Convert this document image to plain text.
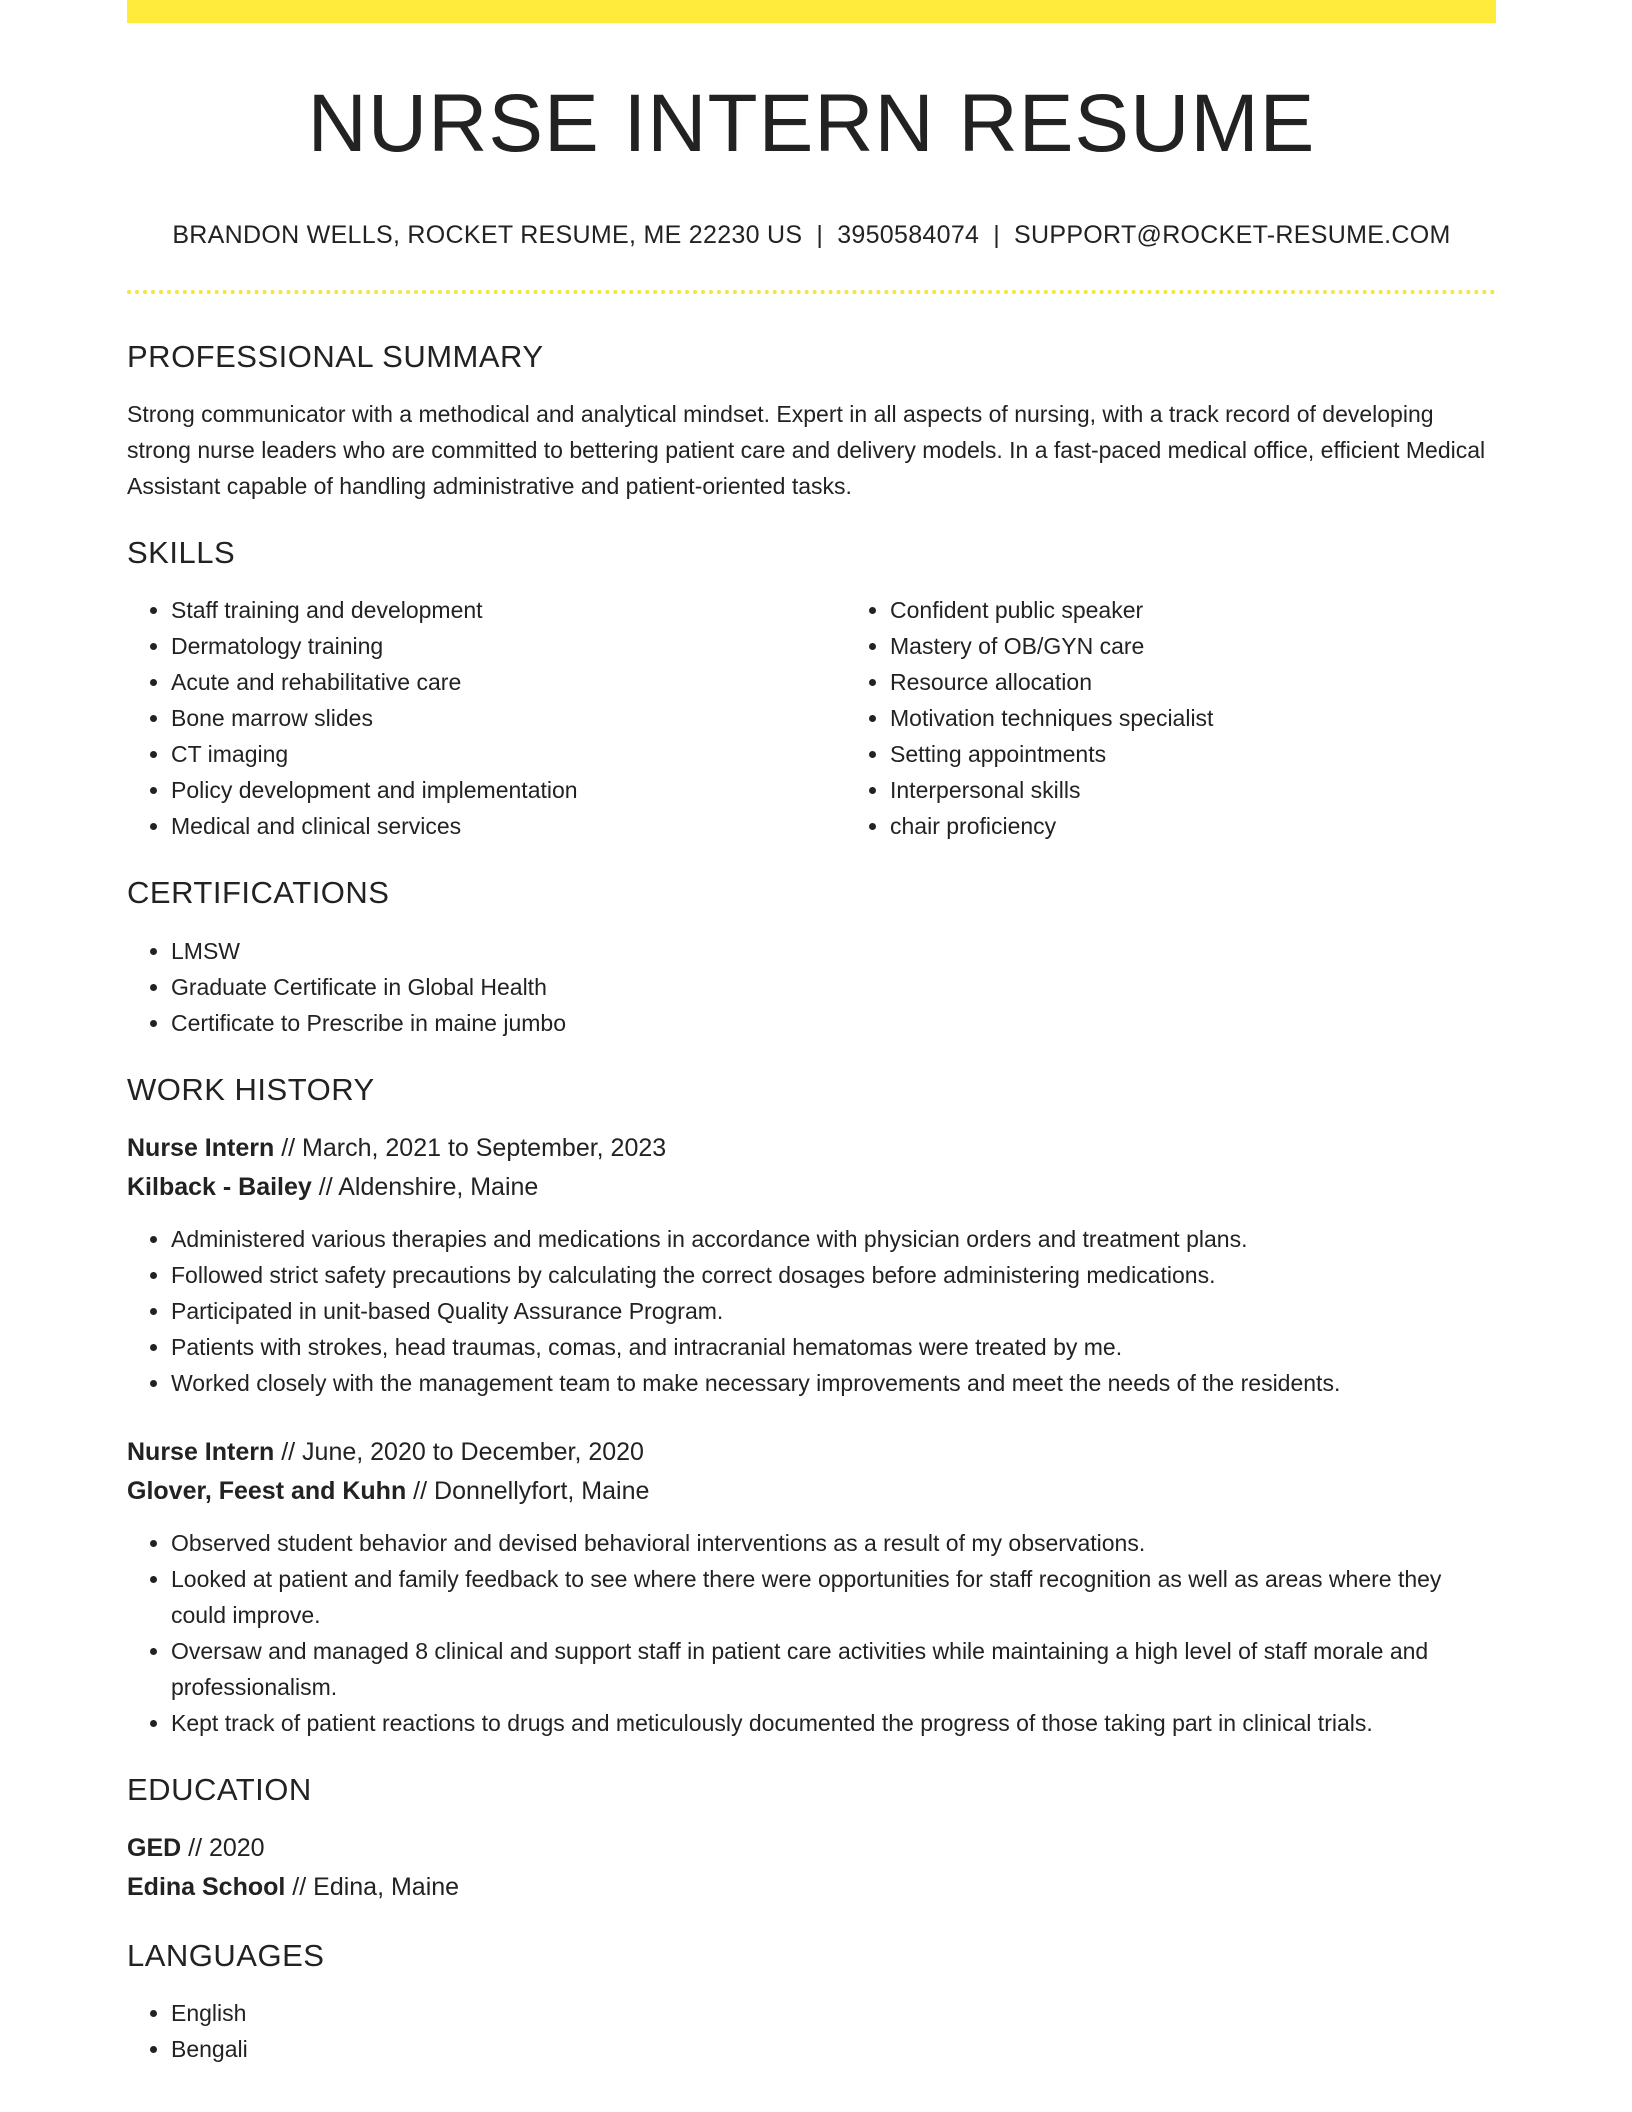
NURSE INTERN RESUME
BRANDON WELLS, ROCKET RESUME, ME 22230 US | 3950584074 | SUPPORT@ROCKET-RESUME.COM
PROFESSIONAL SUMMARY

Strong communicator with a methodical and analytical mindset. Expert in all aspects of nursing, with a track record of developing strong nurse leaders who are committed to bettering patient care and delivery models. In a fast-paced medical office, efficient Medical Assistant capable of handling administrative and patient-oriented tasks.

SKILLS
• Staff training and development
• Dermatology training
• Acute and rehabilitative care
• Bone marrow slides
• CT imaging
• Policy development and implementation
• Medical and clinical services
• Confident public speaker
• Mastery of OB/GYN care
• Resource allocation
• Motivation techniques specialist
• Setting appointments
• Interpersonal skills
• chair proficiency
CERTIFICATIONS
• LMSW
• Graduate Certificate in Global Health
• Certificate to Prescribe in maine jumbo
WORK HISTORY

Nurse Intern // March, 2021 to September, 2023

Kilback - Bailey // Aldenshire, Maine

• Administered various therapies and medications in accordance with physician orders and treatment plans.
• Followed strict safety precautions by calculating the correct dosages before administering medications.
• Participated in unit-based Quality Assurance Program.
• Patients with strokes, head traumas, comas, and intracranial hematomas were treated by me.
• Worked closely with the management team to make necessary improvements and meet the needs of the residents.

Nurse Intern // June, 2020 to December, 2020

Glover, Feest and Kuhn // Donnellyfort, Maine

• Observed student behavior and devised behavioral interventions as a result of my observations.
• Looked at patient and family feedback to see where there were opportunities for staff recognition as well as areas where they could improve.
• Oversaw and managed 8 clinical and support staff in patient care activities while maintaining a high level of staff morale and professionalism.
• Kept track of patient reactions to drugs and meticulously documented the progress of those taking part in clinical trials.
EDUCATION

GED // 2020

Edina School // Edina, Maine

LANGUAGES
• English
• Bengali
